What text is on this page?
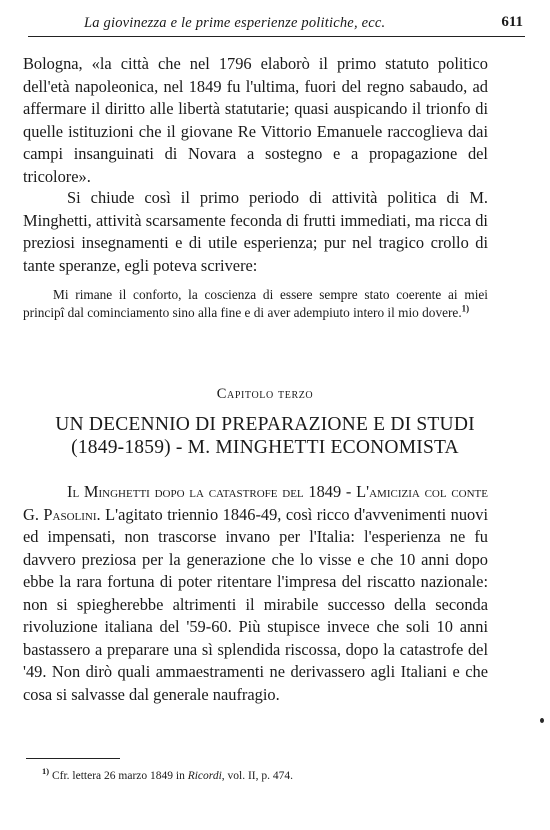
La giovinezza e le prime esperienze politiche, ecc.	611

Bologna, «la città che nel 1796 elaborò il primo statuto politico dell'età napoleonica, nel 1849 fu l'ultima, fuori del regno sabaudo, ad affermare il diritto alle libertà statutarie; quasi auspicando il trionfo di quelle istituzioni che il giovane Re Vittorio Emanuele raccoglieva dai campi insanguinati di Novara a sostegno e a propagazione del tricolore».

Si chiude così il primo periodo di attività politica di M. Minghetti, attività scarsamente feconda di frutti immediati, ma ricca di preziosi insegnamenti e di utile esperienza; pur nel tragico crollo di tante speranze, egli poteva scrivere:

Mi rimane il conforto, la coscienza di essere sempre stato coerente ai miei principî dal cominciamento sino alla fine e di aver adempiuto intero il mio dovere.$^{1)}$

Capitolo terzo
UN DECENNIO DI PREPARAZIONE E DI STUDI
(1849-1859) - M. MINGHETTI ECONOMISTA

Il Minghetti dopo la catastrofe del 1849 - L'amicizia col conte G. Pasolini. L'agitato triennio 1846-49, così ricco d'avvenimenti nuovi ed impensati, non trascorse invano per l'Italia: l'esperienza ne fu davvero preziosa per la generazione che lo visse e che 10 anni dopo ebbe la rara fortuna di poter ritentare l'impresa del riscatto nazionale: non si spiegherebbe altrimenti il mirabile successo della seconda rivoluzione italiana del '59-60. Più stupisce invece che soli 10 anni bastassero a preparare una sì splendida riscossa, dopo la catastrofe del '49. Non dirò quali ammaestramenti ne derivassero agli Italiani e che cosa si salvasse dal generale naufragio.

$^{1)}$ Cfr. lettera 26 marzo 1849 in Ricordi, vol. II, p. 474.
